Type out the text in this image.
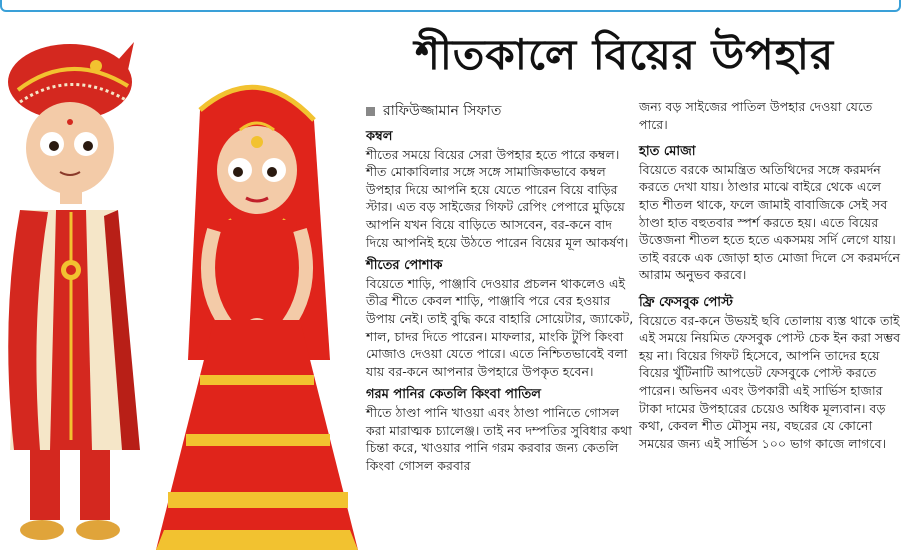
শীতকালে বিয়ের উপহার
রাফিউজ্জামান সিফাত
কম্বল
শীতের সময়ে বিয়ের সেরা উপহার হতে পারে কম্বল। শীত মোকাবিলার সঙ্গে সঙ্গে সামাজিকভাবে কম্বল উপহার দিয়ে আপনি হয়ে যেতে পারেন বিয়ে বাড়ির স্টার। এত বড় সাইজের গিফট রেপিং পেপারে মুড়িয়ে আপনি যখন বিয়ে বাড়িতে আসবেন, বর-কনে বাদ দিয়ে আপনিই হয়ে উঠতে পারেন বিয়ের মূল আকর্ষণ।
শীতের পোশাক
বিয়েতে শাড়ি, পাঞ্জাবি দেওয়ার প্রচলন থাকলেও এই তীব্র শীতে কেবল শাড়ি, পাঞ্জাবি পরে বের হওয়ার উপায় নেই। তাই বুদ্ধি করে বাহারি সোয়েটার, জ্যাকেট, শাল, চাদর দিতে পারেন। মাফলার, মাংকি টুপি কিংবা মোজাও দেওয়া যেতে পারে। এতে নিশ্চিতভাবেই বলা যায় বর-কনে আপনার উপহারে উপকৃত হবেন।
গরম পানির কেতলি কিংবা পাতিল
শীতে ঠাণ্ডা পানি খাওয়া এবং ঠাণ্ডা পানিতে গোসল করা মারাত্মক চ্যালেঞ্জ। তাই নব দম্পতির সুবিধার কথা চিন্তা করে, খাওয়ার পানি গরম করবার জন্য কেতলি কিংবা গোসল করবার
জন্য বড় সাইজের পাতিল উপহার দেওয়া যেতে পারে।
হাত মোজা
বিয়েতে বরকে আমন্ত্রিত অতিথিদের সঙ্গে করমর্দন করতে দেখা যায়। ঠাণ্ডার মাঝে বাইরে থেকে এলে হাত শীতল থাকে, ফলে জামাই বাবাজিকে সেই সব ঠাণ্ডা হাত বহুতবার স্পর্শ করতে হয়। এতে বিয়ের উত্তেজনা শীতল হতে হতে একসময় সর্দি লেগে যায়। তাই বরকে এক জোড়া হাত মোজা দিলে সে করমর্দনে আরাম অনুভব করবে।
ফ্রি ফেসবুক পোস্ট
বিয়েতে বর-কনে উভয়ই ছবি তোলায় ব্যস্ত থাকে তাই এই সময়ে নিয়মিত ফেসবুক পোস্ট চেক ইন করা সম্ভব হয় না। বিয়ের গিফট হিসেবে, আপনি তাদের হয়ে বিয়ের খুঁটিনাটি আপডেট ফেসবুকে পোস্ট করতে পারেন। অভিনব এবং উপকারী এই সার্ভিস হাজার টাকা দামের উপহারের চেয়েও অধিক মূল্যবান। বড় কথা, কেবল শীত মৌসুম নয়, বছরের যে কোনো সময়ের জন্য এই সার্ভিস ১০০ ভাগ কাজে লাগবে।
